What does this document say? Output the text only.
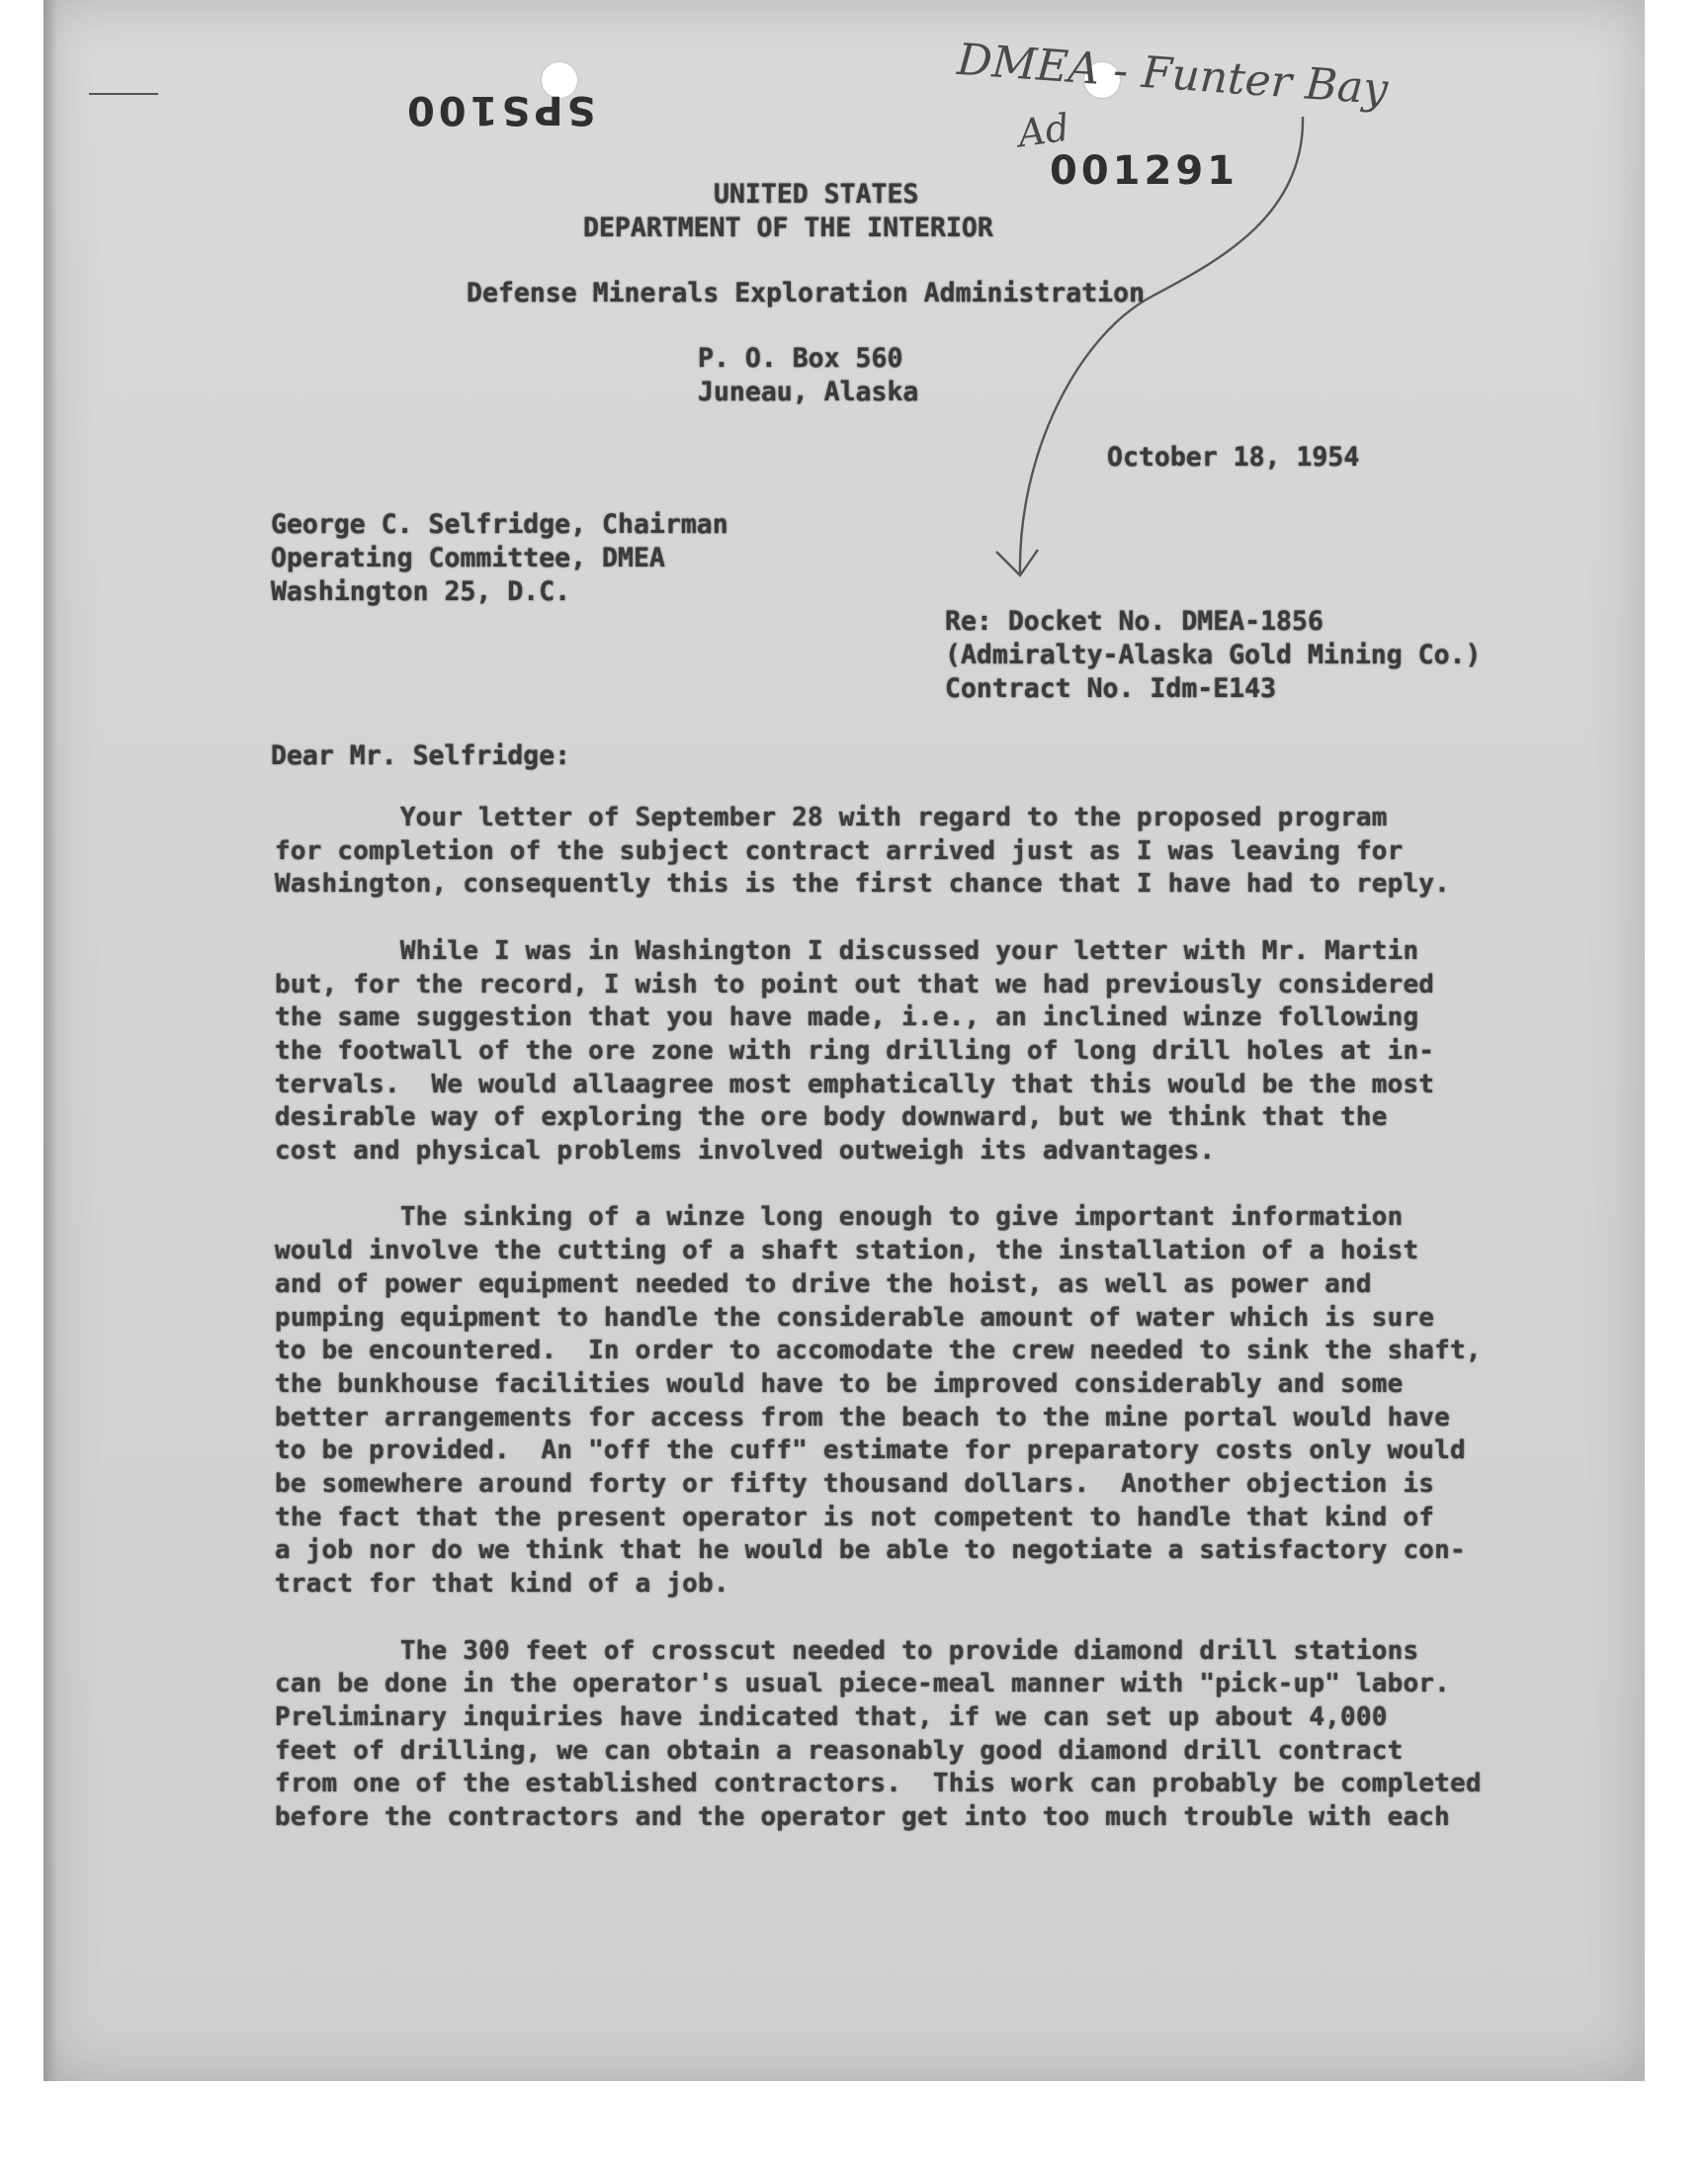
SPS100
001291
DMEA - Funter Bay
Ad
UNITED STATES
DEPARTMENT OF THE INTERIOR
Defense Minerals Exploration Administration
P. O. Box 560
Juneau, Alaska
October 18, 1954
George C. Selfridge, Chairman
Operating Committee, DMEA
Washington 25, D.C.
Re: Docket No. DMEA-1856
(Admiralty-Alaska Gold Mining Co.)
Contract No. Idm-E143
Dear Mr. Selfridge:
Your letter of September 28 with regard to the proposed program
for completion of the subject contract arrived just as I was leaving for
Washington, consequently this is the first chance that I have had to reply.
While I was in Washington I discussed your letter with Mr. Martin
but, for the record, I wish to point out that we had previously considered
the same suggestion that you have made, i.e., an inclined winze following
the footwall of the ore zone with ring drilling of long drill holes at in-
tervals.  We would allaagree most emphatically that this would be the most
desirable way of exploring the ore body downward, but we think that the
cost and physical problems involved outweigh its advantages.
The sinking of a winze long enough to give important information
would involve the cutting of a shaft station, the installation of a hoist
and of power equipment needed to drive the hoist, as well as power and
pumping equipment to handle the considerable amount of water which is sure
to be encountered.  In order to accomodate the crew needed to sink the shaft,
the bunkhouse facilities would have to be improved considerably and some
better arrangements for access from the beach to the mine portal would have
to be provided.  An "off the cuff" estimate for preparatory costs only would
be somewhere around forty or fifty thousand dollars.  Another objection is
the fact that the present operator is not competent to handle that kind of
a job nor do we think that he would be able to negotiate a satisfactory con-
tract for that kind of a job.
The 300 feet of crosscut needed to provide diamond drill stations
can be done in the operator's usual piece-meal manner with "pick-up" labor.
Preliminary inquiries have indicated that, if we can set up about 4,000
feet of drilling, we can obtain a reasonably good diamond drill contract
from one of the established contractors.  This work can probably be completed
before the contractors and the operator get into too much trouble with each
